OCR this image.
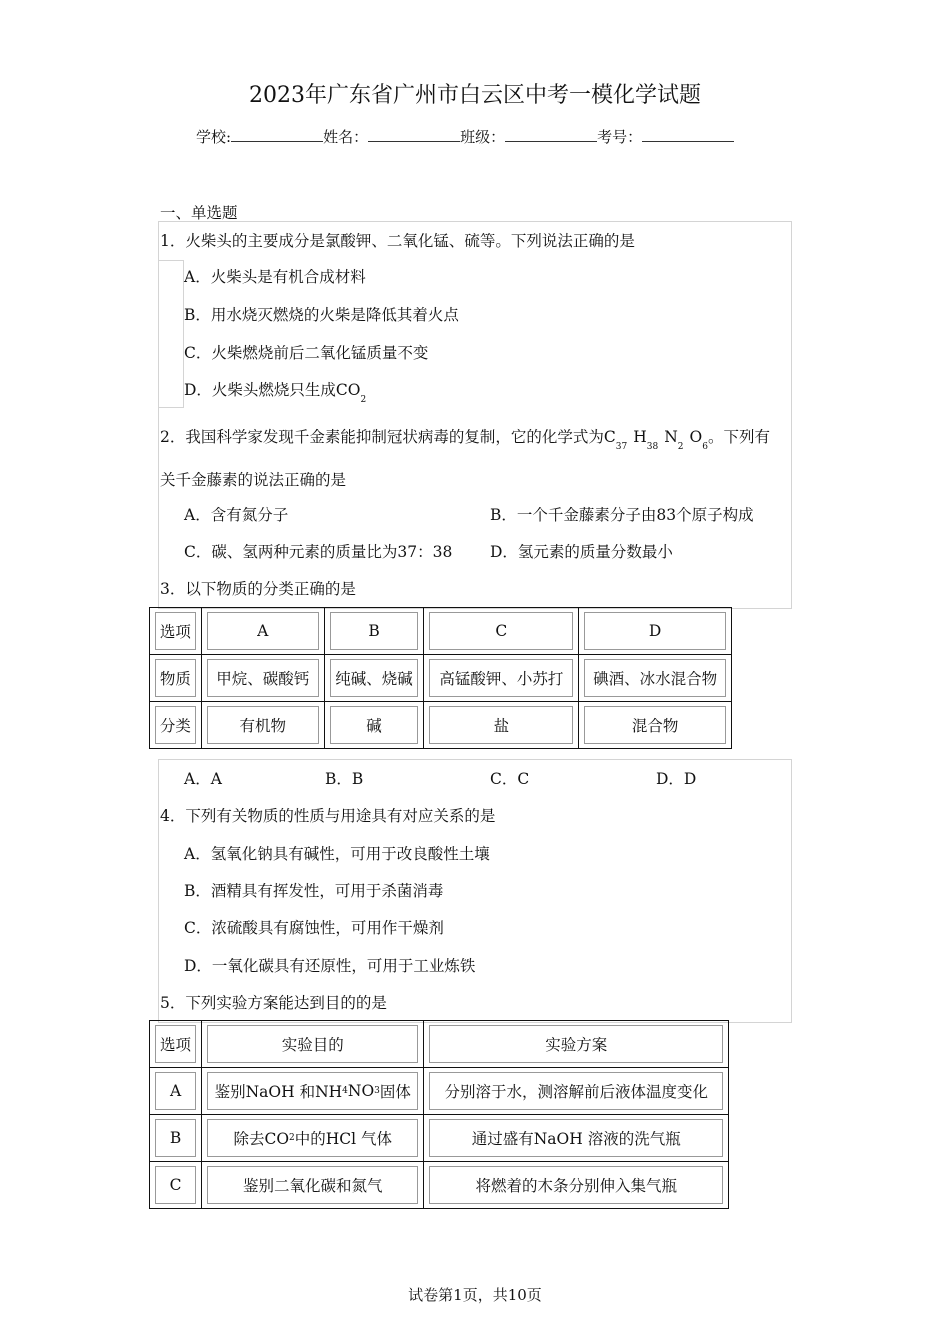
2023年广东省广州市白云区中考一模化学试题
学校:	姓名：	班级：	考号：
一、单选题
1．火柴头的主要成分是氯酸钾、二氧化锰、硫等。下列说法正确的是
A．火柴头是有机合成材料
B．用水烧灭燃烧的火柴是降低其着火点
C．火柴燃烧前后二氧化锰质量不变
D．火柴头燃烧只生成$CO_2$
2．我国科学家发现千金素能抑制冠状病毒的复制，它的化学式为$C_{37}H_{38}N_2O_6$。下列有
关千金藤素的说法正确的是
A．含有氮分子	B．一个千金藤素分子由83个原子构成
C．碳、氢两种元素的质量比为37：38 D．氢元素的质量分数最小
3．以下物质的分类正确的是
选项	A	B	C	D

物质	甲烷、碳酸钙	纯碱、烧碱	高锰酸钾、小苏打	碘酒、冰水混合物

分类	有机物	碱	盐	混合物
A．A	B．B	C．C	D．D
4．下列有关物质的性质与用途具有对应关系的是
A．氢氧化钠具有碱性，可用于改良酸性土壤
B．酒精具有挥发性，可用于杀菌消毒
C．浓硫酸具有腐蚀性，可用作干燥剂
D．一氧化碳具有还原性，可用于工业炼铁
5．下列实验方案能达到目的的是
选项	实验目的	实验方案

A	鉴别NaOH 和NH 4 NO 3 固体	分别溶于水，测溶解前后液体温度变化

B	除去CO 2 中的HCl 气体	通过盛有NaOH 溶液的洗气瓶

C	鉴别二氧化碳和氮气	将燃着的木条分别伸入集气瓶
试卷第1页，共10页
